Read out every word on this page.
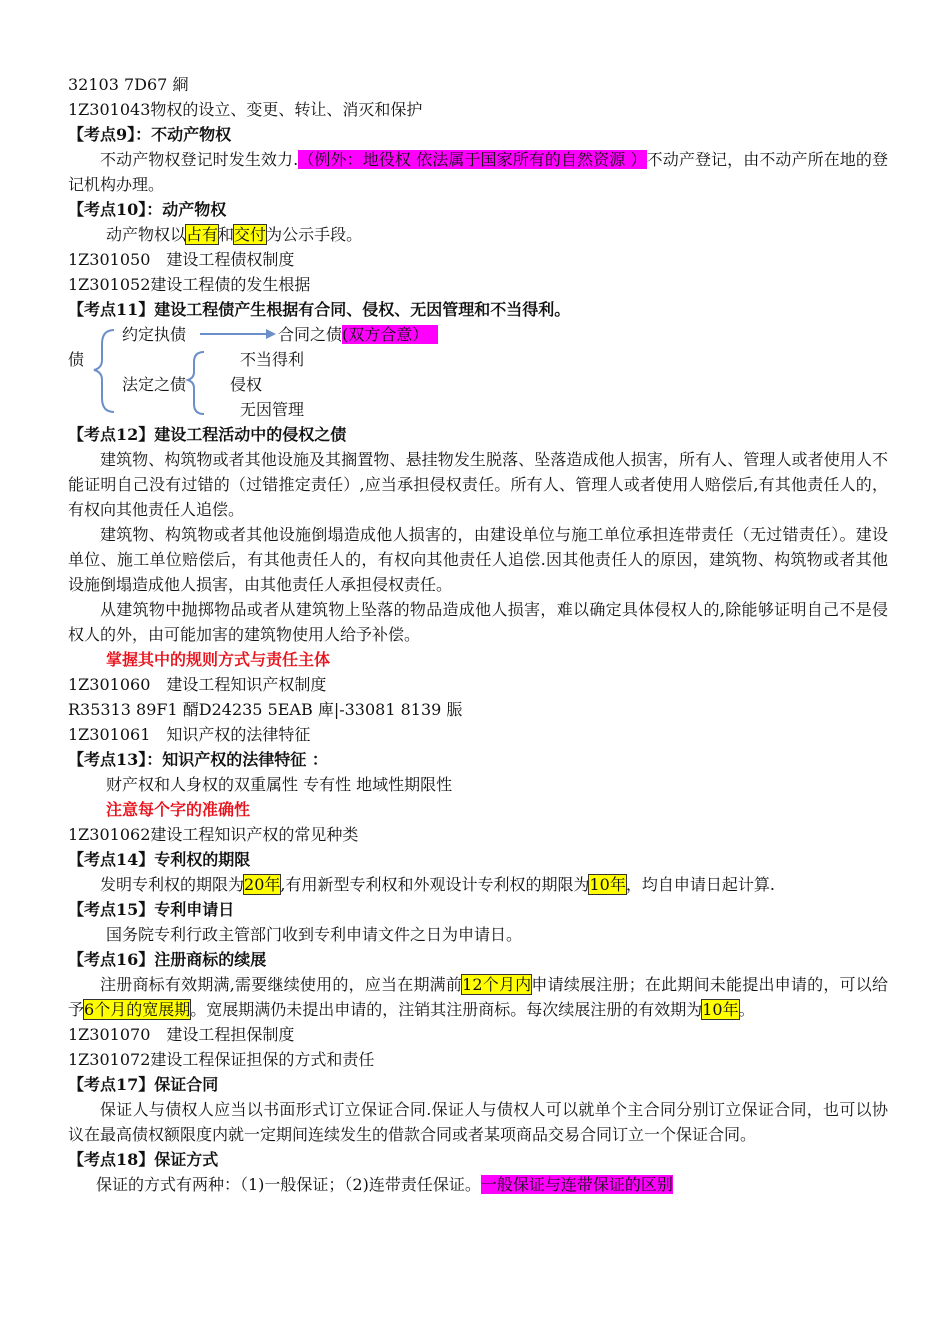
32103 7D67 綗
1Z301043物权的设立、变更、转让、消灭和保护
【考点9】：不动产物权

不动产物权登记时发生效力.（例外：地役权 依法属于国家所有的自然资源 ）不动产登记，由不动产所在地的登记机构办理。

【考点10】：动产物权
动产物权以占有和交付为公示手段。
1Z301050　建设工程债权制度
1Z301052建设工程债的发生根据
【考点11】建设工程债产生根据有合同、侵权、无因管理和不当得利。
约定执债	合同之债(双方合意）
债	不当得利
法定之债	侵权
无因管理
【考点12】建设工程活动中的侵权之债

建筑物、构筑物或者其他设施及其搁置物、悬挂物发生脱落、坠落造成他人损害，所有人、管理人或者使用人不能证明自己没有过错的（过错推定责任）,应当承担侵权责任。所有人、管理人或者使用人赔偿后,有其他责任人的，有权向其他责任人追偿。

建筑物、构筑物或者其他设施倒塌造成他人损害的，由建设单位与施工单位承担连带责任（无过错责任）。建设单位、施工单位赔偿后，有其他责任人的，有权向其他责任人追偿.因其他责任人的原因，建筑物、构筑物或者其他设施倒塌造成他人损害，由其他责任人承担侵权责任。

从建筑物中抛掷物品或者从建筑物上坠落的物品造成他人损害，难以确定具体侵权人的,除能够证明自己不是侵权人的外，由可能加害的建筑物使用人给予补偿。

掌握其中的规则方式与责任主体
1Z301060　建设工程知识产权制度
R35313 89F1 醑D24235 5EAB 庳|-33081 8139 脤
1Z301061　知识产权的法律特征
【考点13】：知识产权的法律特征 ：
财产权和人身权的双重属性 专有性 地域性期限性
注意每个字的准确性
1Z301062建设工程知识产权的常见种类
【考点14】专利权的期限

发明专利权的期限为20年,有用新型专利权和外观设计专利权的期限为10年，均自申请日起计算.

【考点15】专利申请日
国务院专利行政主管部门收到专利申请文件之日为申请日。
【考点16】注册商标的续展

注册商标有效期满,需要继续使用的，应当在期满前12个月内申请续展注册；在此期间未能提出申请的，可以给予6个月的宽展期。宽展期满仍未提出申请的，注销其注册商标。每次续展注册的有效期为10年。

1Z301070　建设工程担保制度
1Z301072建设工程保证担保的方式和责任
【考点17】保证合同

保证人与债权人应当以书面形式订立保证合同.保证人与债权人可以就单个主合同分别订立保证合同，也可以协议在最高债权额限度内就一定期间连续发生的借款合同或者某项商品交易合同订立一个保证合同。

【考点18】保证方式
保证的方式有两种：（1)一般保证；（2)连带责任保证。一般保证与连带保证的区别
